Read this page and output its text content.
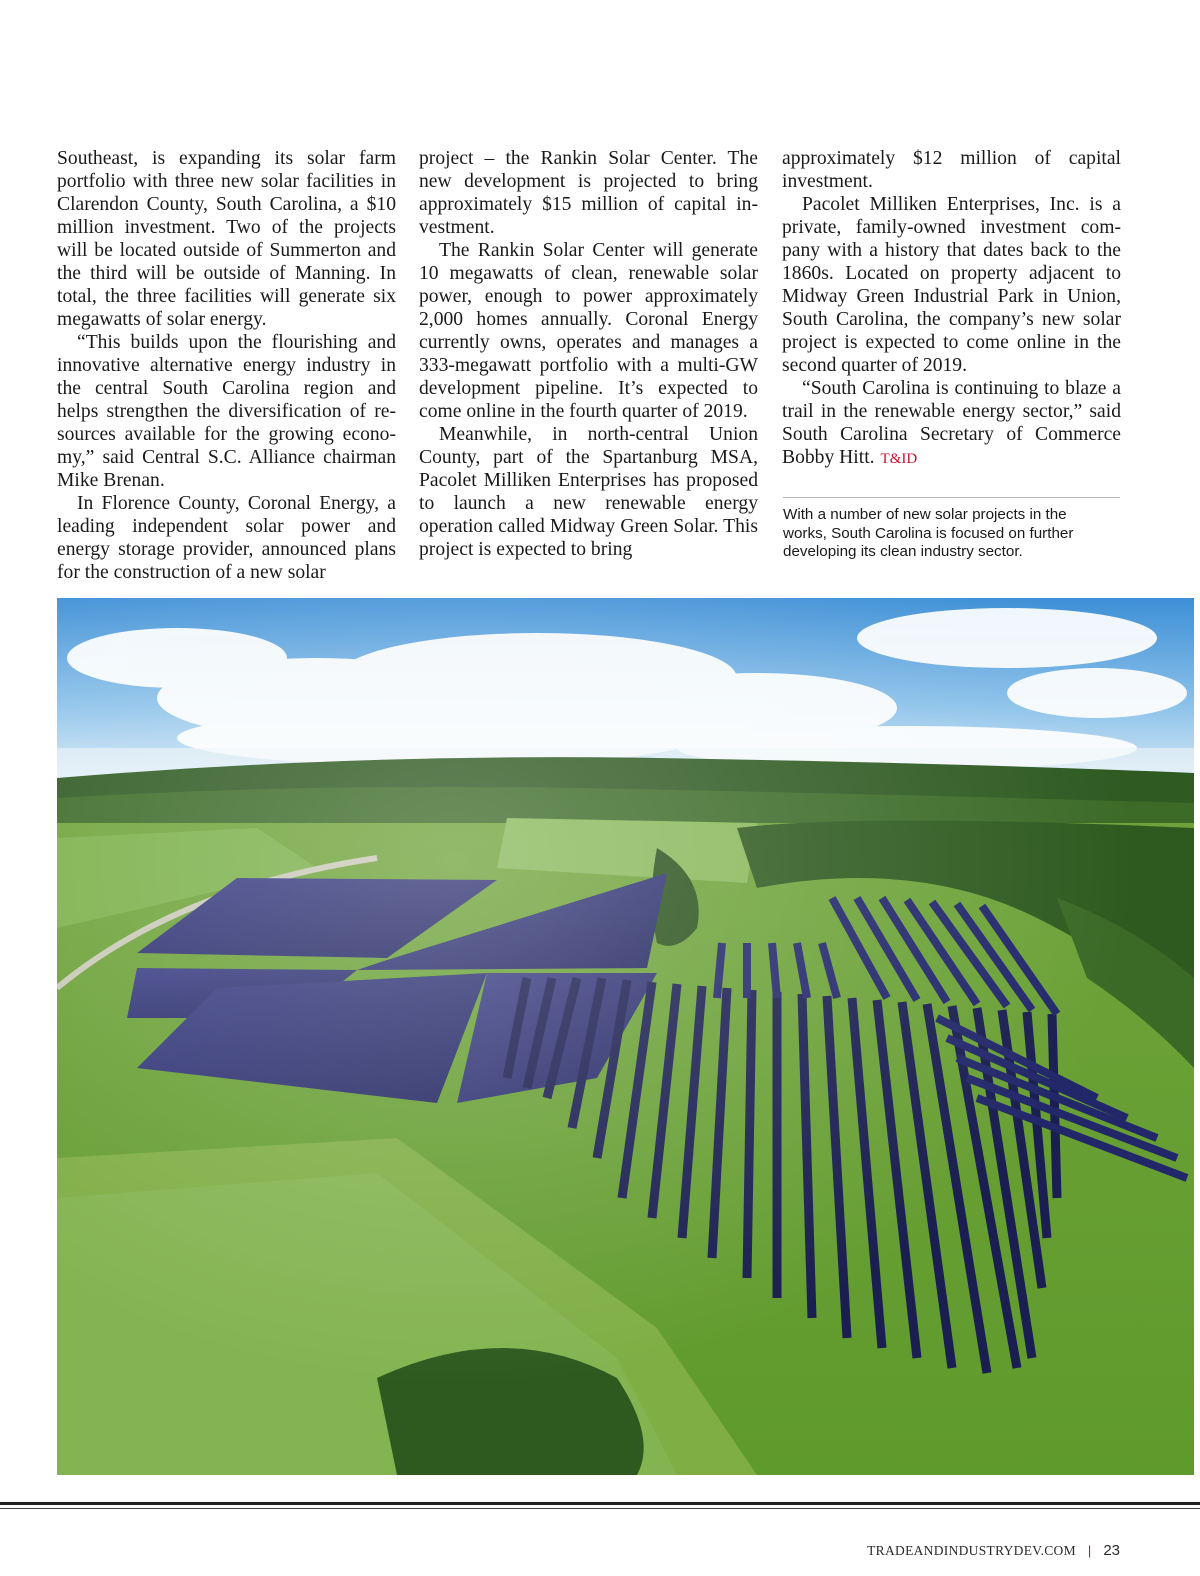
Southeast, is expanding its solar farm portfolio with three new solar facilities in Clarendon County, South Carolina, a $10 million investment. Two of the projects will be located outside of Summerton and the third will be outside of Manning. In total, the three facilities will generate six megawatts of solar energy.

“This builds upon the flourishing and innovative alternative energy industry in the central South Carolina region and helps strengthen the diversification of resources available for the growing economy,” said Central S.C. Alliance chairman Mike Brenan.

In Florence County, Coronal Energy, a leading independent solar power and energy storage provider, announced plans for the construction of a new solar

project – the Rankin Solar Center. The new development is projected to bring approximately $15 million of capital investment.

The Rankin Solar Center will generate 10 megawatts of clean, renewable solar power, enough to power approximately 2,000 homes annually. Coronal Energy currently owns, operates and manages a 333-megawatt portfolio with a multi-GW development pipeline. It’s expected to come online in the fourth quarter of 2019.

Meanwhile, in north-central Union County, part of the Spartanburg MSA, Pacolet Milliken Enterprises has proposed to launch a new renewable energy operation called Midway Green Solar. This project is expected to bring

approximately $12 million of capital investment.

Pacolet Milliken Enterprises, Inc. is a private, family-owned investment company with a history that dates back to the 1860s. Located on property adjacent to Midway Green Industrial Park in Union, South Carolina, the company’s new solar project is expected to come online in the second quarter of 2019.

“South Carolina is continuing to blaze a trail in the renewable energy sector,” said South Carolina Secretary of Commerce Bobby Hitt. T&ID

With a number of new solar projects in the works, South Carolina is focused on further developing its clean industry sector.
TRADEANDINDUSTRYDEV.COM | 23
